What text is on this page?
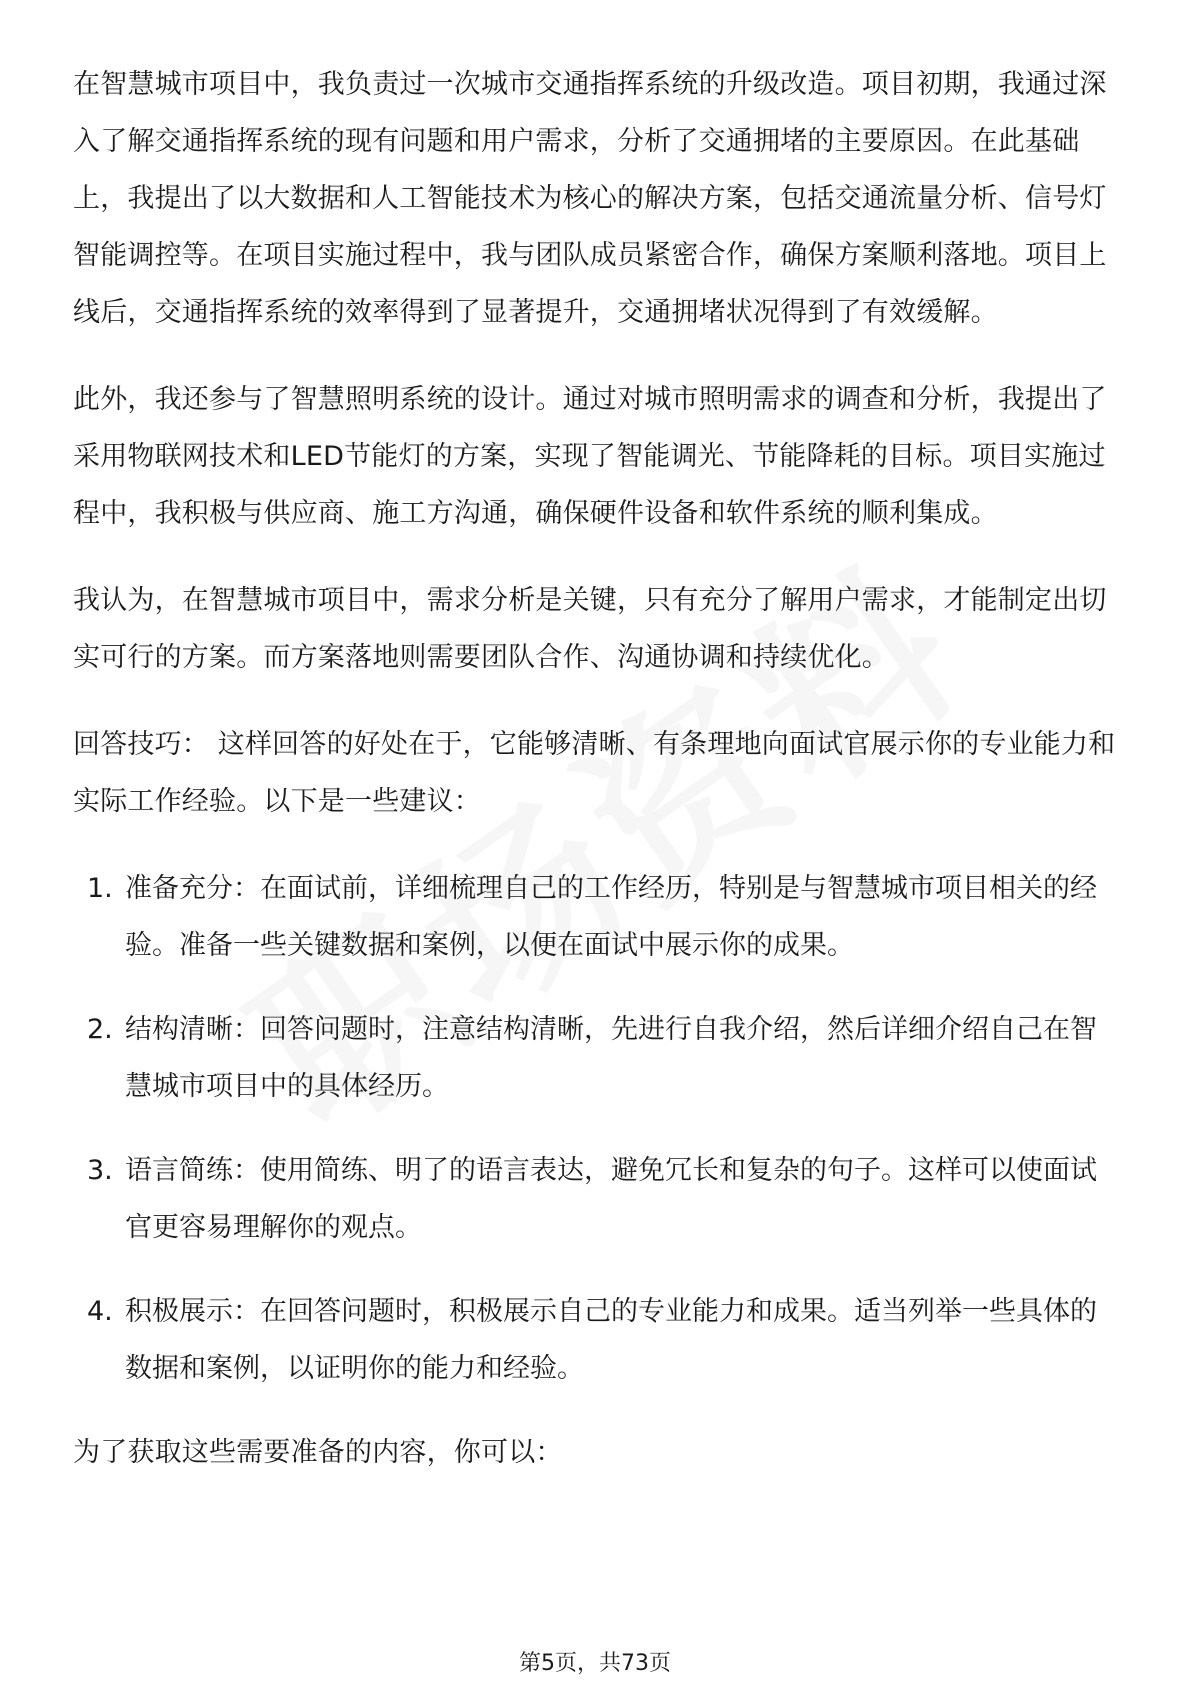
在智慧城市项目中，我负责过一次城市交通指挥系统的升级改造。项目初期，我通过深入了解交通指挥系统的现有问题和用户需求，分析了交通拥堵的主要原因。在此基础上，我提出了以大数据和人工智能技术为核心的解决方案，包括交通流量分析、信号灯智能调控等。在项目实施过程中，我与团队成员紧密合作，确保方案顺利落地。项目上线后，交通指挥系统的效率得到了显著提升，交通拥堵状况得到了有效缓解。

此外，我还参与了智慧照明系统的设计。通过对城市照明需求的调查和分析，我提出了采用物联网技术和LED节能灯的方案，实现了智能调光、节能降耗的目标。项目实施过程中，我积极与供应商、施工方沟通，确保硬件设备和软件系统的顺利集成。

我认为，在智慧城市项目中，需求分析是关键，只有充分了解用户需求，才能制定出切实可行的方案。而方案落地则需要团队合作、沟通协调和持续优化。

回答技巧： 这样回答的好处在于，它能够清晰、有条理地向面试官展示你的专业能力和实际工作经验。以下是一些建议：

1. 准备充分：在面试前，详细梳理自己的工作经历，特别是与智慧城市项目相关的经验。准备一些关键数据和案例，以便在面试中展示你的成果。
2. 结构清晰：回答问题时，注意结构清晰，先进行自我介绍，然后详细介绍自己在智慧城市项目中的具体经历。
3. 语言简练：使用简练、明了的语言表达，避免冗长和复杂的句子。这样可以使面试官更容易理解你的观点。
4. 积极展示：在回答问题时，积极展示自己的专业能力和成果。适当列举一些具体的数据和案例，以证明你的能力和经验。

为了获取这些需要准备的内容，你可以：

第5页，共73页
